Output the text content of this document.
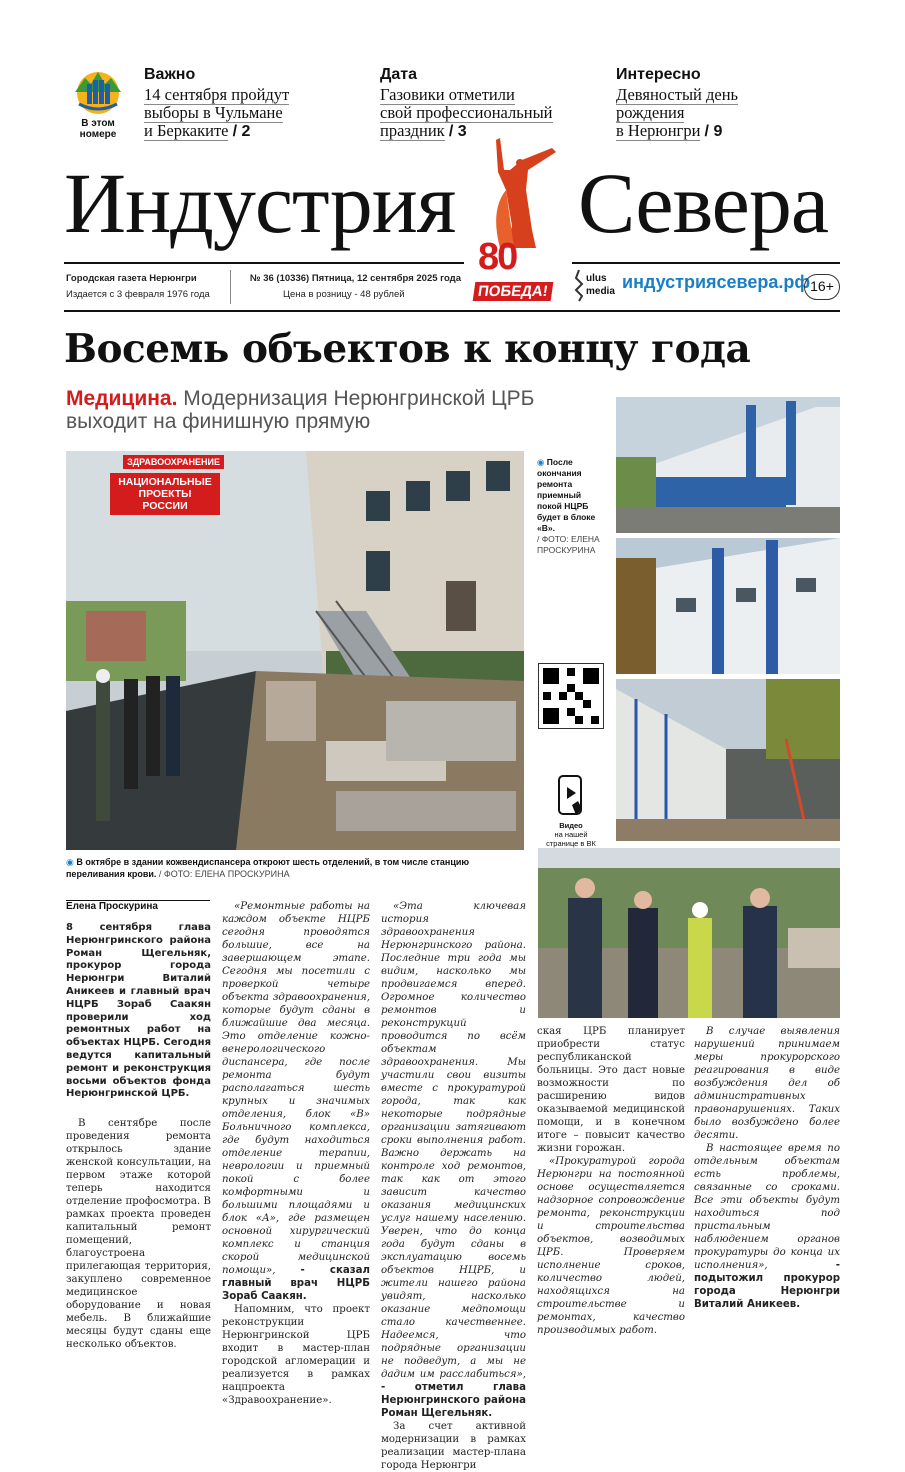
В этом
номере
Важно
14 сентября пройдут
выборы в Чульмане
и Беркаките / 2
Дата
Газовики отметили
свой профессиональный
праздник / 3
Интересно
Девяностый день
рождения
в Нерюнгри / 9
Индустрия Севера
80
ПОБЕДА!
Городская газета Нерюнгри
Издается с 3 февраля 1976 года
№ 36 (10336) Пятница, 12 сентября 2025 года
Цена в розницу - 48 рублей
ulus
media индустриясевера.рф 16+
Восемь объектов к концу года
Медицина. Модернизация Нерюнгринской ЦРБ
выходит на финишную прямую
ЗДРАВООХРАНЕНИЕ
НАЦИОНАЛЬНЫЕ
ПРОЕКТЫ
РОССИИ
◉ В октябре в здании кожвендиспансера откроют шесть отделений, в том числе станцию переливания крови. / ФОТО: ЕЛЕНА ПРОСКУРИНА
◉ После окончания ремонта приемный покой НЦРБ будет в блоке «В».
/ ФОТО: ЕЛЕНА ПРОСКУРИНА
Видео
на нашей
странице в ВК
Елена Проскурина

8 сентября глава Нерюнгринского района Роман Щегельняк, прокурор города Нерюнгри Виталий Аникеев и главный врач НЦРБ Зораб Саакян проверили ход ремонтных работ на объектах НЦРБ. Сегодня ведутся капитальный ремонт и реконструкция восьми объектов фонда Нерюнгринской ЦРБ.

В сентябре после проведения ремонта открылось здание женской консультации, на первом этаже которой теперь находится отделение профосмотра. В рамках проекта проведен капитальный ремонт помещений, благоустроена прилегающая территория, закуплено современное медицинское оборудование и новая мебель. В ближайшие месяцы будут сданы еще несколько объектов.

«Ремонтные работы на каждом объекте НЦРБ сегодня проводятся большие, все на завершающем этапе. Сегодня мы посетили с проверкой четыре объекта здравоохранения, которые будут сданы в ближайшие два месяца. Это отделение кожно-венерологического диспансера, где после ремонта будут располагаться шесть крупных и значимых отделения, блок «В» Больничного комплекса, где будут находиться отделение терапии, неврологии и приемный покой с более комфортными и большими площадями и блок «А», где размещен основной хирургический комплекс и станция скорой медицинской помощи», - сказал главный врач НЦРБ Зораб Саакян.

Напомним, что проект реконструкции Нерюнгринской ЦРБ входит в мастер-план городской агломерации и реализуется в рамках нацпроекта «Здравоохранение».

«Эта ключевая история здравоохранения Нерюнгринского района. Последние три года мы видим, насколько мы продвигаемся вперед. Огромное количество ремонтов и реконструкций проводится по всём объектам здравоохранения. Мы участили свои визиты вместе с прокуратурой города, так как некоторые подрядные организации затягивают сроки выполнения работ. Важно держать на контроле ход ремонтов, так как от этого зависит качество оказания медицинских услуг нашему населению. Уверен, что до конца года будут сданы в эксплуатацию восемь объектов НЦРБ, и жители нашего района увидят, насколько оказание медпомощи стало качественнее. Надеемся, что подрядные организации не подведут, а мы не дадим им расслабиться», - отметил глава Нерюнгринского района Роман Щегельняк.

За счет активной модернизации в рамках реализации мастер-плана города Нерюнгри

ская ЦРБ планирует приобрести статус республиканской больницы. Это даст новые возможности по расширению видов оказываемой медицинской помощи, и в конечном итоге – повысит качество жизни горожан.

«Прокуратурой города Нерюнгри на постоянной основе осуществляется надзорное сопровождение ремонта, реконструкции и строительства объектов, возводимых ЦРБ. Проверяем исполнение сроков, количество людей, находящихся на строительстве и ремонтах, качество производимых работ.

В случае выявления нарушений принимаем меры прокурорского реагирования в виде возбуждения дел об административных правонарушениях. Таких было возбуждено более десяти.

В настоящее время по отдельным объектам есть проблемы, связанные со сроками. Все эти объекты будут находиться под пристальным наблюдением органов прокуратуры до конца их исполнения»,	- подытожил прокурор города Нерюнгри Виталий Аникеев.
